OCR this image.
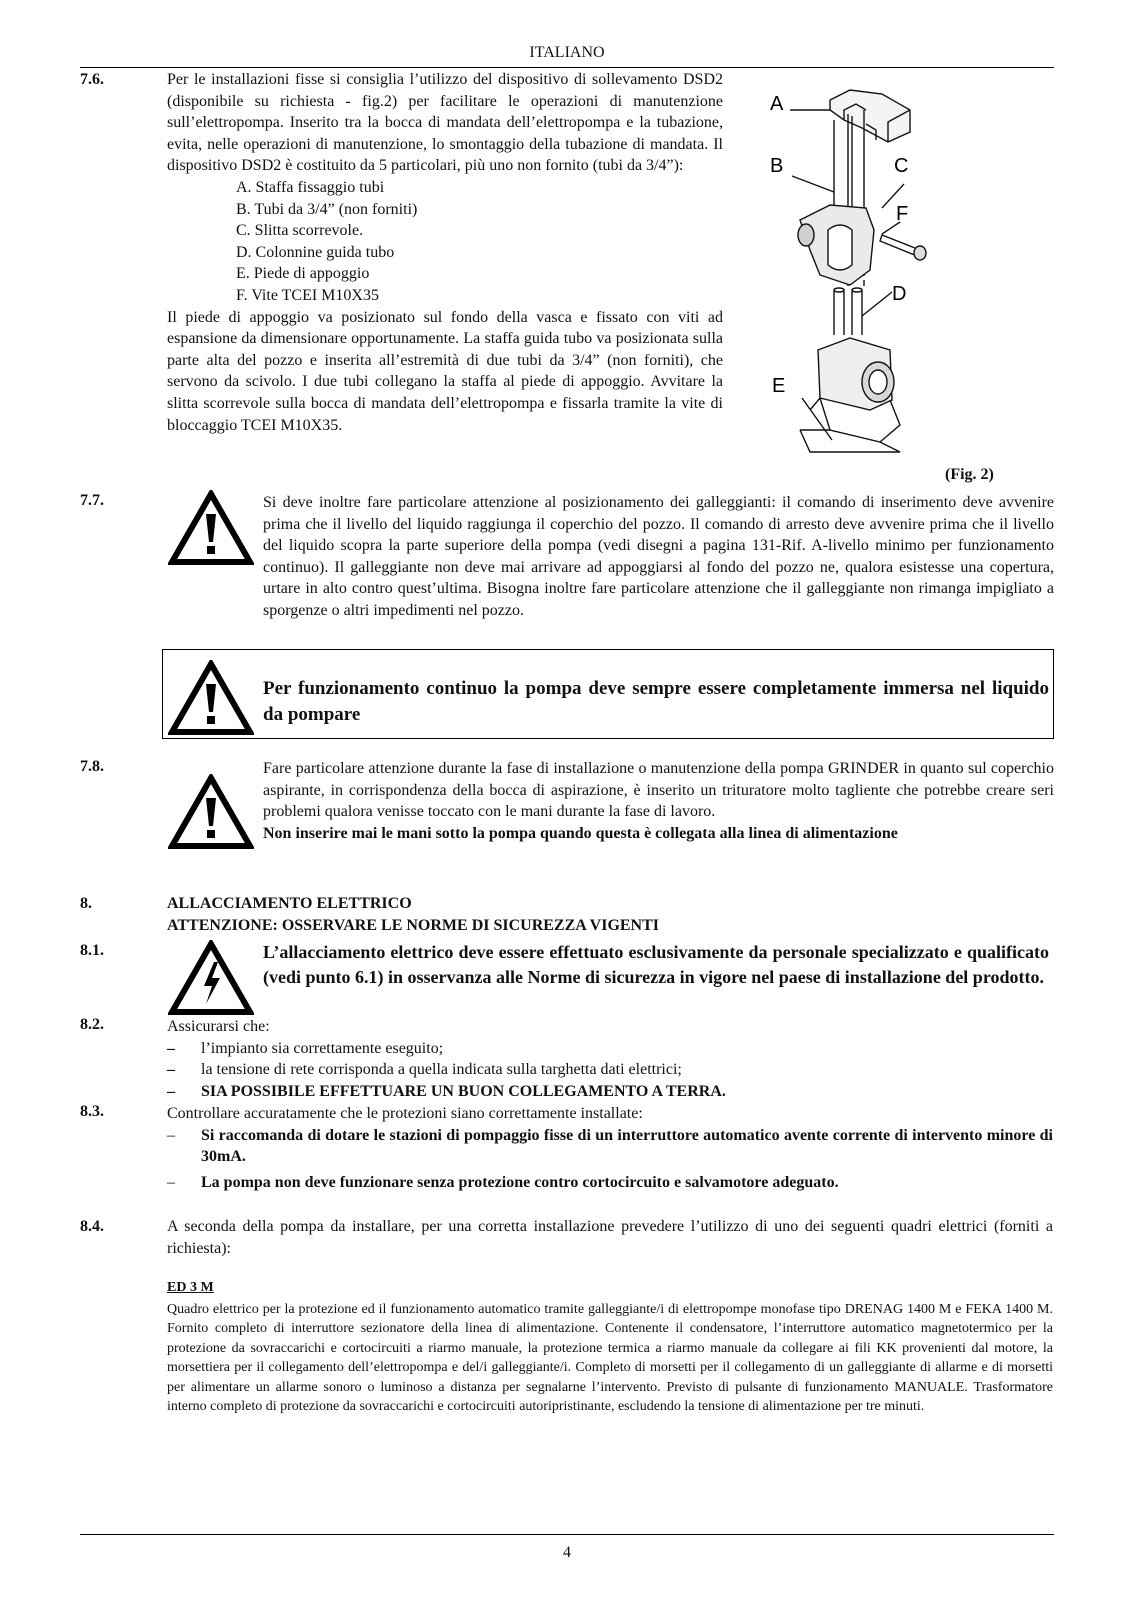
ITALIANO
7.6.	Per le installazioni fisse si consiglia l’utilizzo del dispositivo di sollevamento DSD2 (disponibile su richiesta - fig.2) per facilitare le operazioni di manutenzione sull’elettropompa. Inserito tra la bocca di mandata dell’elettropompa e la tubazione, evita, nelle operazioni di manutenzione, lo smontaggio della tubazione di mandata. Il dispositivo DSD2 è costituito da 5 particolari, più uno non fornito (tubi da 3/4”):

A. Staffa fissaggio tubi
B. Tubi da 3/4” (non forniti)
C. Slitta scorrevole.
D. Colonnine guida tubo
E. Piede di appoggio
F. Vite TCEI M10X35

Il piede di appoggio va posizionato sul fondo della vasca e fissato con viti ad espansione da dimensionare opportunamente. La staffa guida tubo va posizionata sulla parte alta del pozzo e inserita all’estremità di due tubi da 3/4” (non forniti), che servono da scivolo. I due tubi collegano la staffa al piede di appoggio. Avvitare la slitta scorrevole sulla bocca di mandata dell’elettropompa e fissarla tramite la vite di bloccaggio TCEI M10X35.

A
B	C
F
D
E
(Fig. 2)
7.7.	Si deve inoltre fare particolare attenzione al posizionamento dei galleggianti: il comando di inserimento deve avvenire prima che il livello del liquido raggiunga il coperchio del pozzo. Il comando di arresto deve avvenire prima che il livello del liquido scopra la parte superiore della pompa (vedi disegni a pagina 131-Rif. A-livello minimo per funzionamento continuo). Il galleggiante non deve mai arrivare ad appoggiarsi al fondo del pozzo ne, qualora esistesse una copertura, urtare in alto contro quest’ultima. Bisogna inoltre fare particolare attenzione che il galleggiante non rimanga impigliato a sporgenze o altri impedimenti nel pozzo.

Per funzionamento continuo la pompa deve sempre essere completamente immersa nel liquido da pompare

7.8.	Fare particolare attenzione durante la fase di installazione o manutenzione della pompa GRINDER in quanto sul coperchio aspirante, in corrispondenza della bocca di aspirazione, è inserito un trituratore molto tagliente che potrebbe creare seri problemi qualora venisse toccato con le mani durante la fase di lavoro.

Non inserire mai le mani sotto la pompa quando questa è collegata alla linea di alimentazione

8.	ALLACCIAMENTO ELETTRICO
ATTENZIONE: OSSERVARE LE NORME DI SICUREZZA VIGENTI
8.1.	L’allacciamento elettrico deve essere effettuato esclusivamente da personale specializzato e qualificato (vedi punto 6.1) in osservanza alle Norme di sicurezza in vigore nel paese di installazione del prodotto.

8.2.	Assicurarsi che:

–	l’impianto sia correttamente eseguito;
–	la tensione di rete corrisponda a quella indicata sulla targhetta dati elettrici;
–	SIA POSSIBILE EFFETTUARE UN BUON COLLEGAMENTO A TERRA.
8.3.	Controllare accuratamente che le protezioni siano correttamente installate:

–	Si raccomanda di dotare le stazioni di pompaggio fisse di un interruttore automatico avente corrente di intervento minore di 30mA.
–	La pompa non deve funzionare senza protezione contro cortocircuito e salvamotore adeguato.
8.4.	A seconda della pompa da installare, per una corretta installazione prevedere l’utilizzo di uno dei seguenti quadri elettrici (forniti a richiesta):

ED 3 M

Quadro elettrico per la protezione ed il funzionamento automatico tramite galleggiante/i di elettropompe monofase tipo DRENAG 1400 M e FEKA 1400 M. Fornito completo di interruttore sezionatore della linea di alimentazione. Contenente il condensatore, l’interruttore automatico magnetotermico per la protezione da sovraccarichi e cortocircuiti a riarmo manuale, la protezione termica a riarmo manuale da collegare ai fili KK provenienti dal motore, la morsettiera per il collegamento dell’elettropompa e del/i galleggiante/i. Completo di morsetti per il collegamento di un galleggiante di allarme e di morsetti per alimentare un allarme sonoro o luminoso a distanza per segnalarne l’intervento. Previsto di pulsante di funzionamento MANUALE. Trasformatore interno completo di protezione da sovraccarichi e cortocircuiti autoripristinante, escludendo la tensione di alimentazione per tre minuti.

4
